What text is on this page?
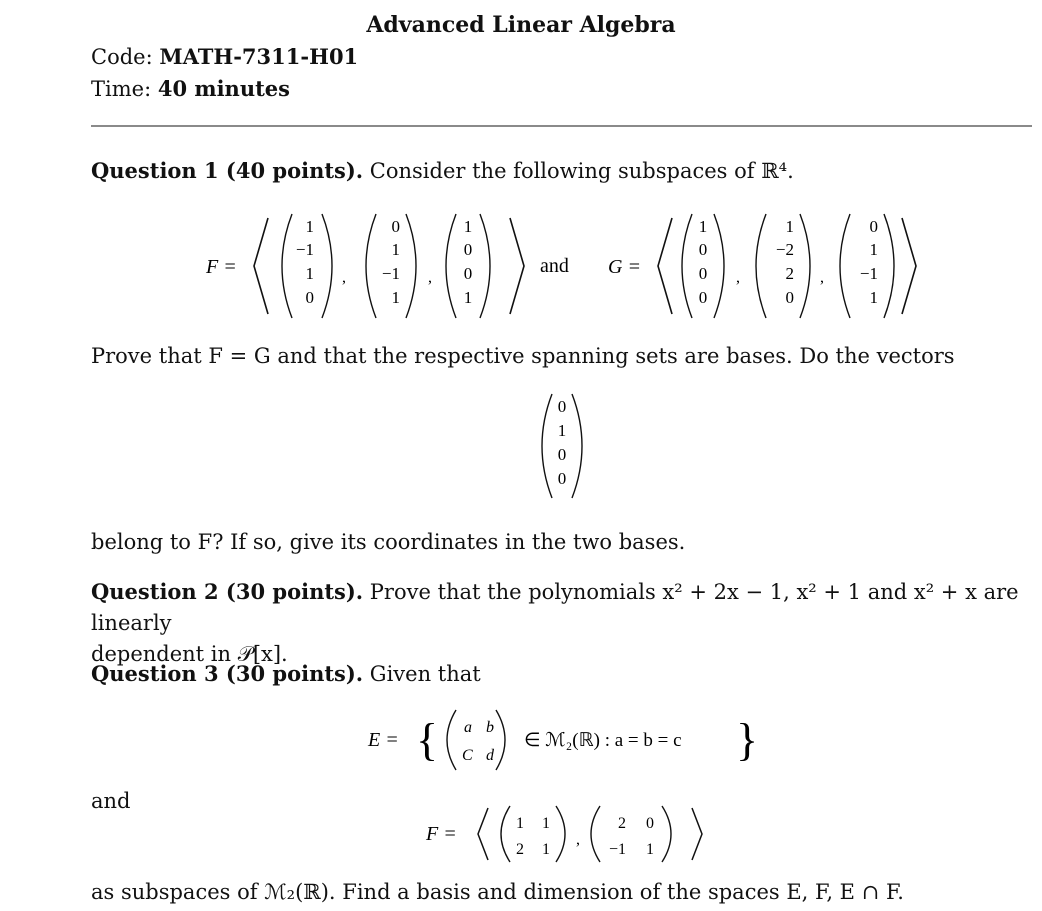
Advanced Linear Algebra
Code: MATH-7311-H01
Time: 40 minutes
Question 1 (40 points). Consider the following subspaces of ℝ⁴.
F =
1
−1
1
0
,
0
1
−1
1
,
1
0
0
1
and G =
1
0
0
0
,
1
−2
2
0
,
0
1
−1
1
Prove that F = G and that the respective spanning sets are bases. Do the vectors
0
1
0
0
belong to F? If so, give its coordinates in the two bases.
Question 2 (30 points). Prove that the polynomials x² + 2x − 1, x² + 1 and x² + x are linearly
dependent in 𝒫[x].
Question 3 (30 points). Given that
E = { a b
C d
∈ ℳ₂(ℝ) : a = b = c }
and
F =	1 1
2 1
,
2 0
−1 1
as subspaces of ℳ₂(ℝ). Find a basis and dimension of the spaces E, F, E ∩ F.
